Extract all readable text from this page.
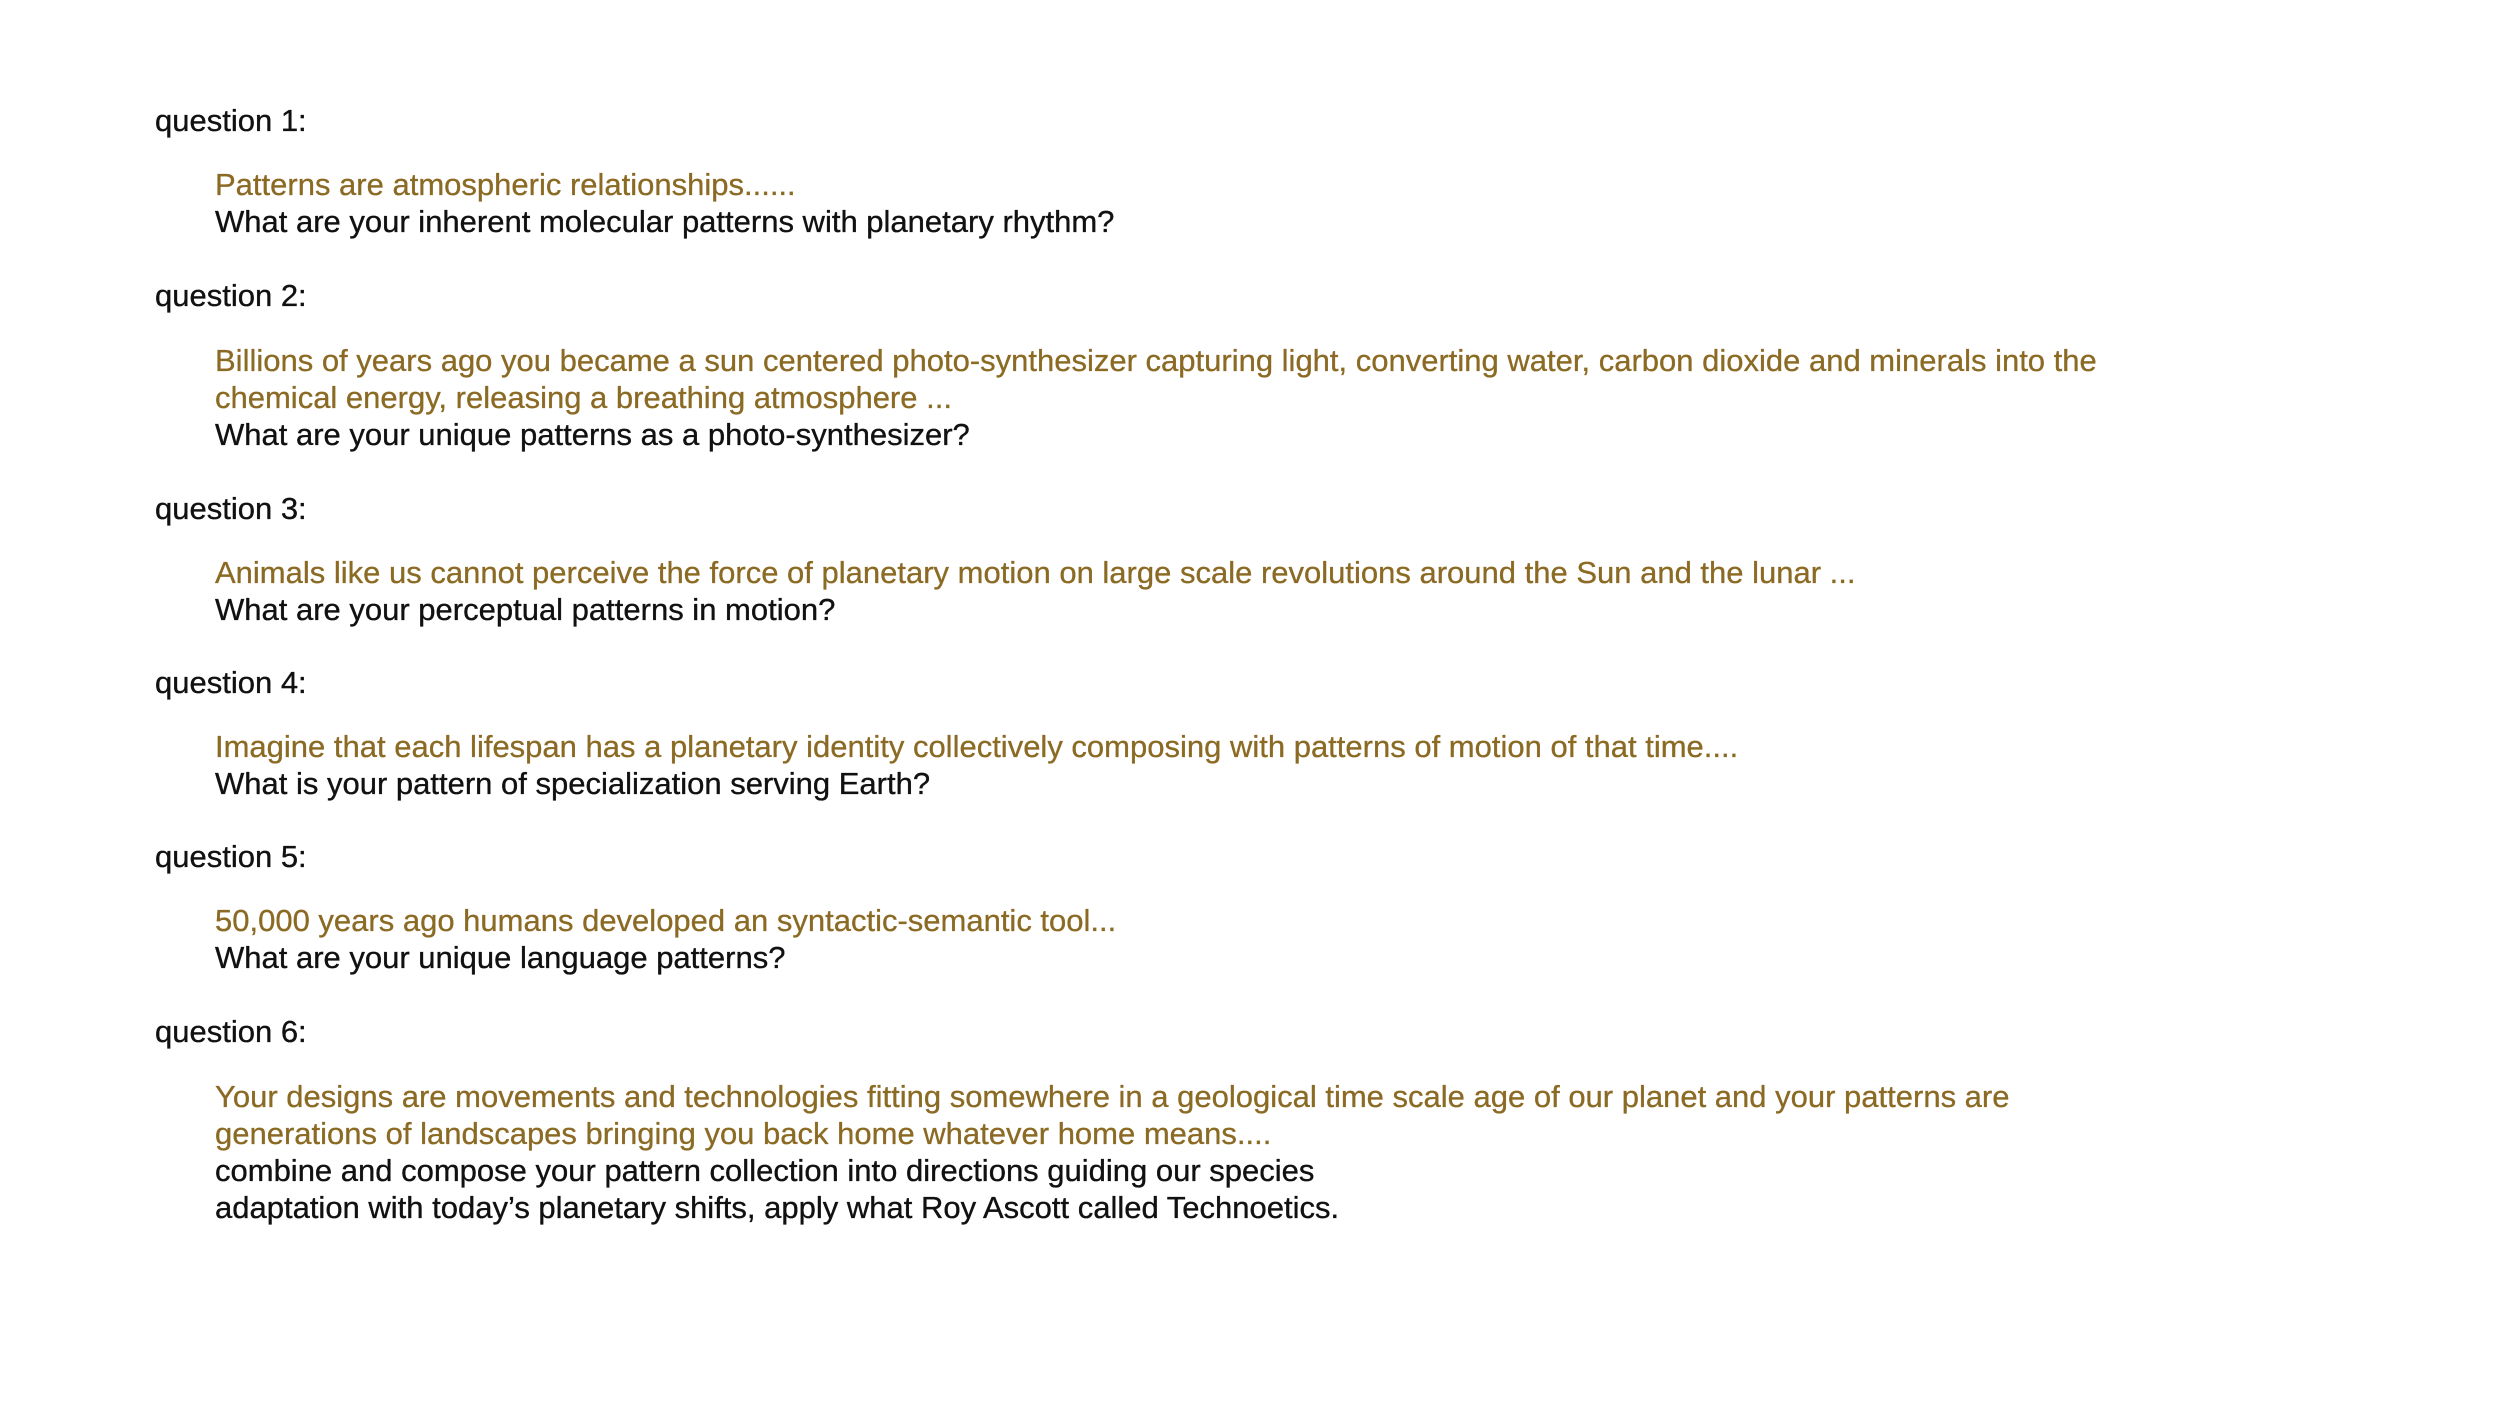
question 1:
Patterns are atmospheric relationships......
What are your inherent molecular patterns with planetary rhythm?
question 2:
Billions of years ago you became a sun centered photo-synthesizer capturing light, converting water, carbon dioxide and minerals into the
chemical energy, releasing a breathing atmosphere ...
What are your unique patterns as a photo-synthesizer?
question 3:
Animals like us cannot perceive the force of planetary motion on large scale revolutions around the Sun and the lunar ...
What are your perceptual patterns in motion?
question 4:
Imagine that each lifespan has a planetary identity collectively composing with patterns of motion of that time....
What is your pattern of specialization serving Earth?
question 5:
50,000 years ago humans developed an syntactic-semantic tool...
What are your unique language patterns?
question 6:
Your designs are movements and technologies fitting somewhere in a geological time scale age of our planet and your patterns are
generations of landscapes bringing you back home whatever home means....
combine and compose your pattern collection into directions guiding our species
adaptation with today’s planetary shifts, apply what Roy Ascott called Technoetics.
